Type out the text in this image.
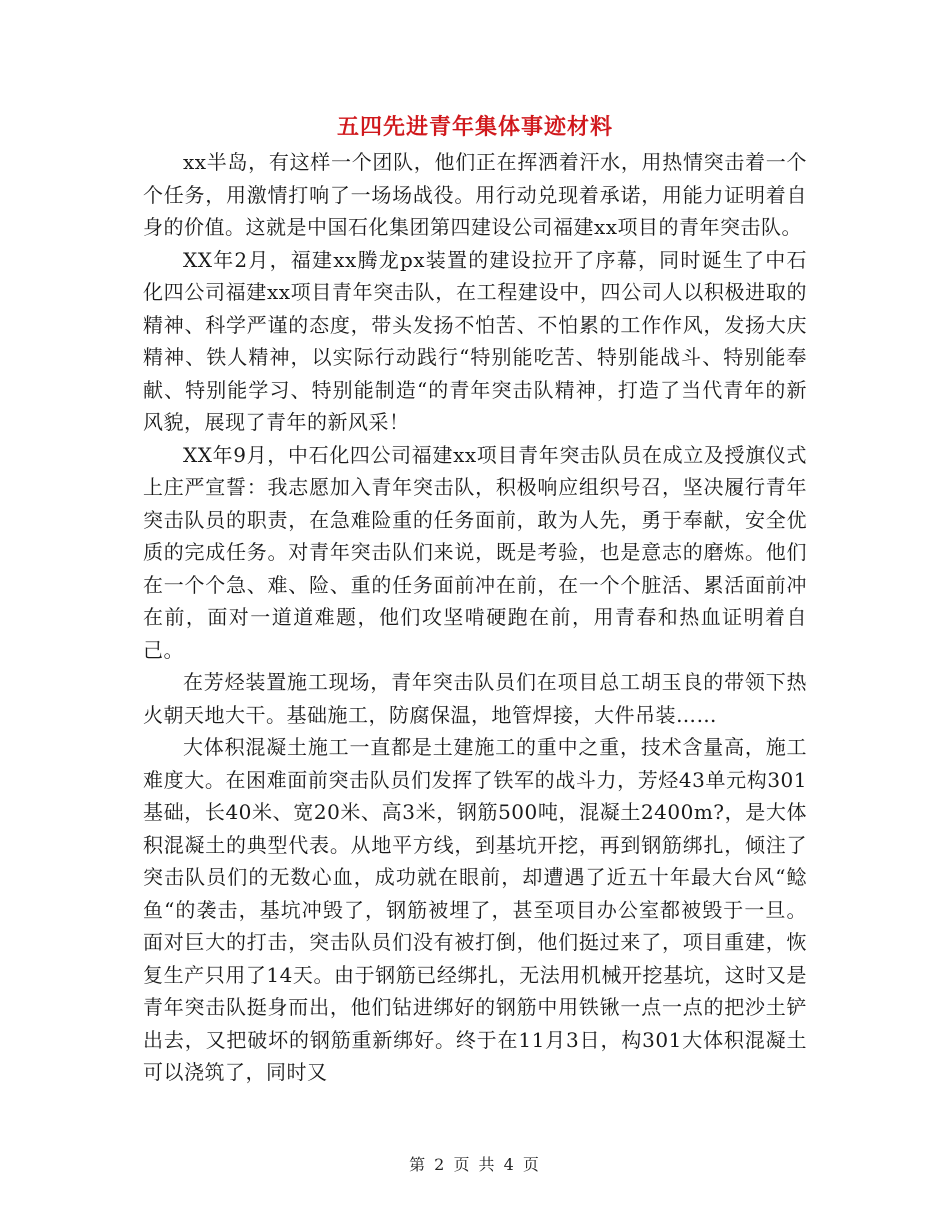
五四先进青年集体事迹材料

xx半岛，有这样一个团队，他们正在挥洒着汗水，用热情突击着一个个任务，用激情打响了一场场战役。用行动兑现着承诺，用能力证明着自身的价值。这就是中国石化集团第四建设公司福建xx项目的青年突击队。

XX年2月，福建xx腾龙px装置的建设拉开了序幕，同时诞生了中石化四公司福建xx项目青年突击队，在工程建设中，四公司人以积极进取的精神、科学严谨的态度，带头发扬不怕苦、不怕累的工作作风，发扬大庆精神、铁人精神，以实际行动践行“特别能吃苦、特别能战斗、特别能奉献、特别能学习、特别能制造“的青年突击队精神，打造了当代青年的新风貌，展现了青年的新风采！

XX年9月，中石化四公司福建xx项目青年突击队员在成立及授旗仪式上庄严宣誓：我志愿加入青年突击队，积极响应组织号召，坚决履行青年突击队员的职责，在急难险重的任务面前，敢为人先，勇于奉献，安全优质的完成任务。对青年突击队们来说，既是考验，也是意志的磨炼。他们在一个个急、难、险、重的任务面前冲在前，在一个个脏活、累活面前冲在前，面对一道道难题，他们攻坚啃硬跑在前，用青春和热血证明着自己。

在芳烃装置施工现场，青年突击队员们在项目总工胡玉良的带领下热火朝天地大干。基础施工，防腐保温，地管焊接，大件吊装……

大体积混凝土施工一直都是土建施工的重中之重，技术含量高，施工难度大。在困难面前突击队员们发挥了铁军的战斗力，芳烃43单元构301基础，长40米、宽20米、高3米，钢筋500吨，混凝土2400m?，是大体积混凝土的典型代表。从地平方线，到基坑开挖，再到钢筋绑扎，倾注了突击队员们的无数心血，成功就在眼前，却遭遇了近五十年最大台风“鲶鱼“的袭击，基坑冲毁了，钢筋被埋了，甚至项目办公室都被毁于一旦。面对巨大的打击，突击队员们没有被打倒，他们挺过来了，项目重建，恢复生产只用了14天。由于钢筋已经绑扎，无法用机械开挖基坑，这时又是青年突击队挺身而出，他们钻进绑好的钢筋中用铁锹一点一点的把沙土铲出去，又把破坏的钢筋重新绑好。终于在11月3日，构301大体积混凝土可以浇筑了，同时又

第 2 页 共 4 页
